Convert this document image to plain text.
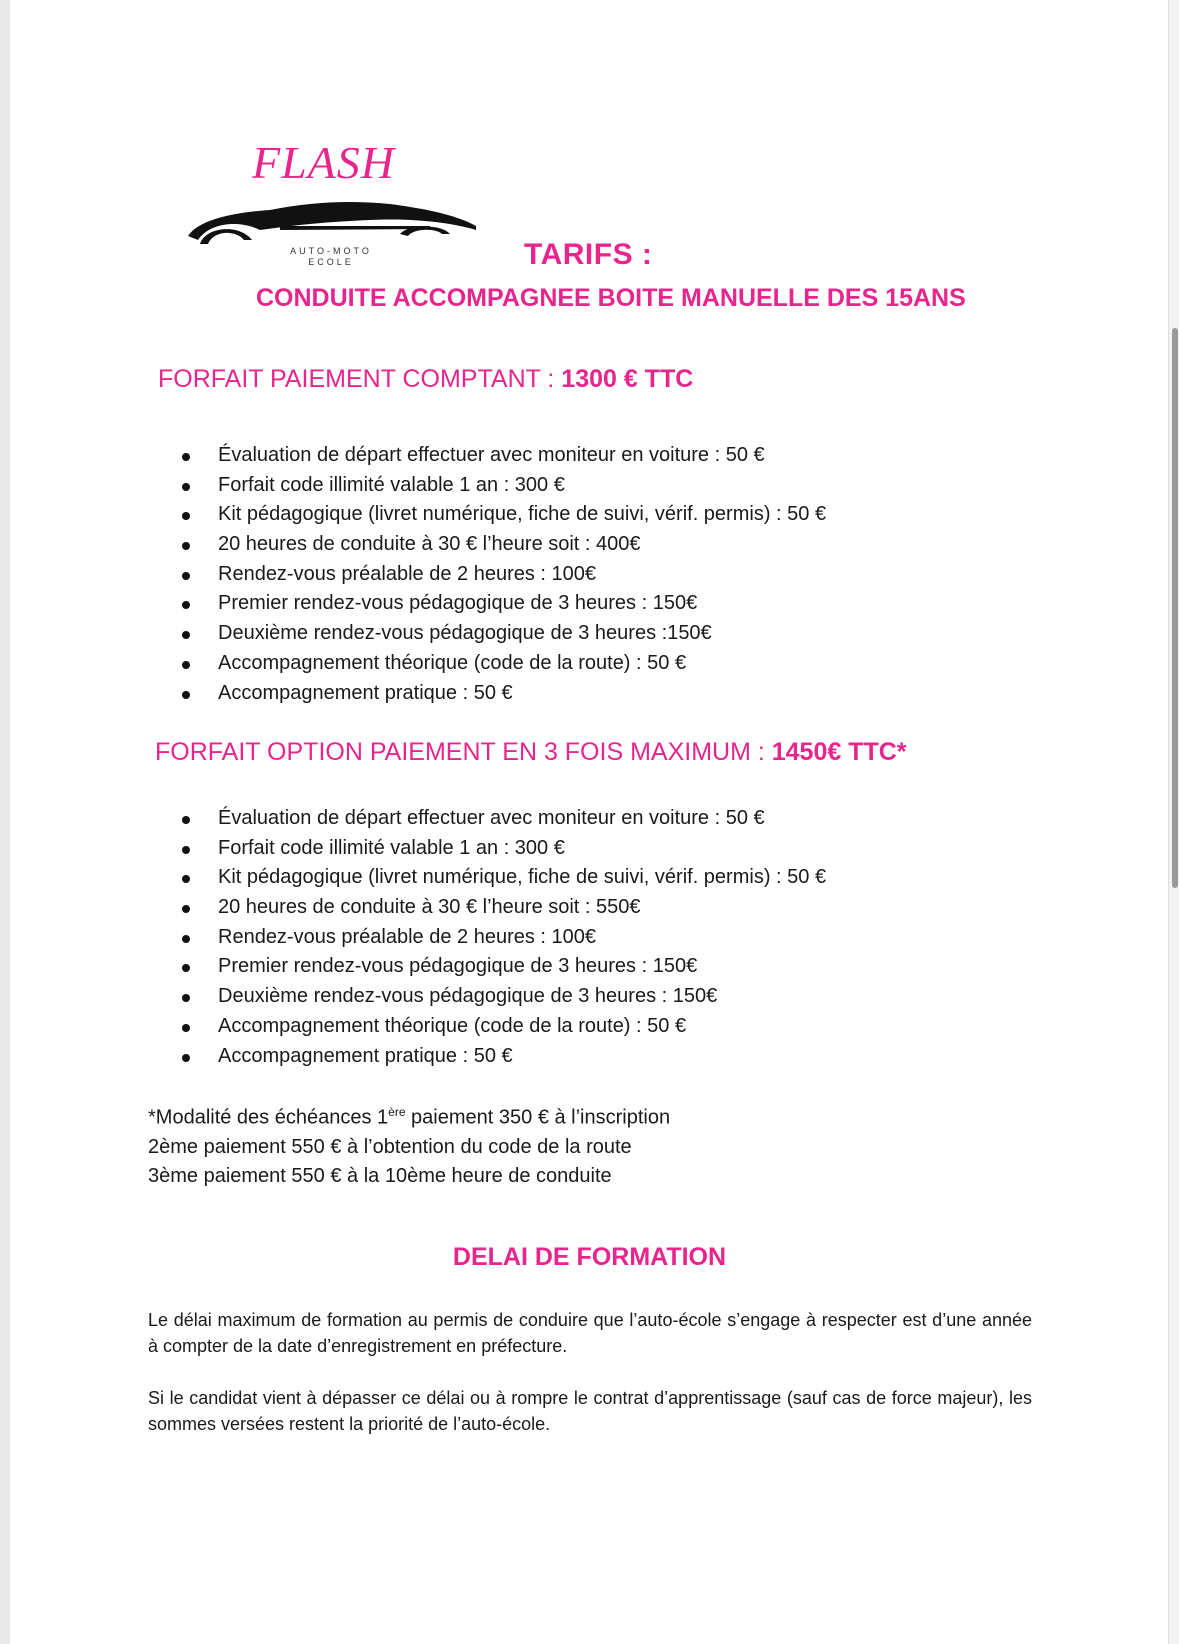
FLASH
AUTO-MOTO
ECOLE	TARIFS :
CONDUITE ACCOMPAGNEE BOITE MANUELLE DES 15ANS
FORFAIT PAIEMENT COMPTANT : 1300 € TTC
Évaluation de départ effectuer avec moniteur en voiture : 50 €
Forfait code illimité valable 1 an : 300 €
Kit pédagogique (livret numérique, fiche de suivi, vérif. permis) : 50 €
20 heures de conduite à 30 € l’heure soit : 400€
Rendez-vous préalable de 2 heures : 100€
Premier rendez-vous pédagogique de 3 heures : 150€
Deuxième rendez-vous pédagogique de 3 heures :150€
Accompagnement théorique (code de la route) : 50 €
Accompagnement pratique : 50 €
FORFAIT OPTION PAIEMENT EN 3 FOIS MAXIMUM : 1450€ TTC*
Évaluation de départ effectuer avec moniteur en voiture : 50 €
Forfait code illimité valable 1 an : 300 €
Kit pédagogique (livret numérique, fiche de suivi, vérif. permis) : 50 €
20 heures de conduite à 30 € l’heure soit : 550€
Rendez-vous préalable de 2 heures : 100€
Premier rendez-vous pédagogique de 3 heures : 150€
Deuxième rendez-vous pédagogique de 3 heures : 150€
Accompagnement théorique (code de la route) : 50 €
Accompagnement pratique : 50 €
*Modalité des échéances 1ère paiement 350 € à l’inscription
2ème paiement 550 € à l’obtention du code de la route
3ème paiement 550 € à la 10ème heure de conduite
DELAI DE FORMATION

Le délai maximum de formation au permis de conduire que l’auto-école s’engage à respecter est d’une année à compter de la date d’enregistrement en préfecture.

Si le candidat vient à dépasser ce délai ou à rompre le contrat d’apprentissage (sauf cas de force majeur), les sommes versées restent la priorité de l’auto-école.
